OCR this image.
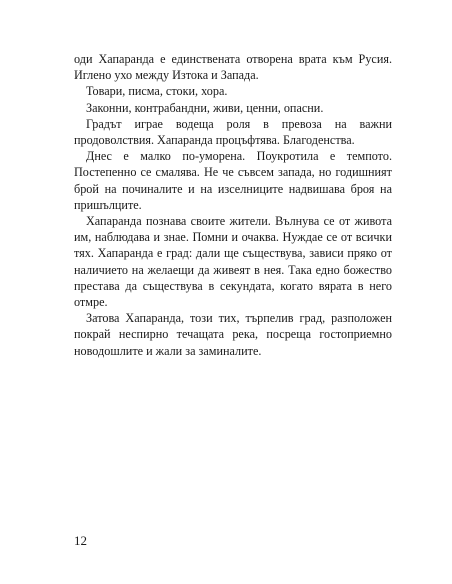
оди Хапаранда е единствената отворена врата към Русия. Иглено ухо между Изтока и Запада.

Товари, писма, стоки, хора.

Законни, контрабандни, живи, ценни, опасни.

Градът играе водеща роля в превоза на важни продоволствия. Хапаранда процъфтява. Благоденства.

Днес е малко по-уморена. Поукротила е темпото. Постепенно се смалява. Не че съвсем запада, но годишният брой на починалите и на изселниците надвишава броя на пришълците.

Хапаранда познава своите жители. Вълнува се от живота им, наблюдава и знае. Помни и очаква. Нуждае се от всички тях. Хапаранда е град: дали ще съществува, зависи пряко от наличието на желаещи да живеят в нея. Така едно божество престава да съществува в секундата, когато вярата в него отмре.

Затова Хапаранда, този тих, търпелив град, разположен покрай неспирно течащата река, посреща гостоприемно новодошлите и жали за заминалите.

12
